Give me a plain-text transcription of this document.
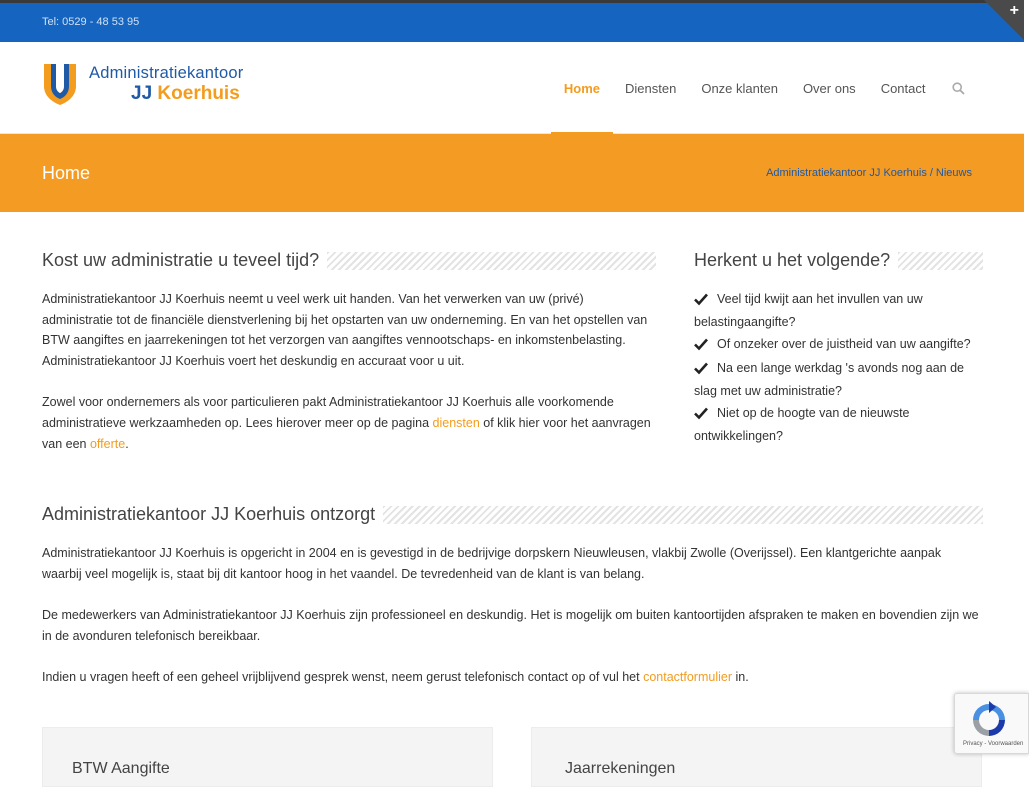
Tel: 0529 - 48 53 95
+
Administratiekantoor
JJ Koerhuis	Home	Diensten	Onze klanten	Over ons	Contact
Home	Administratiekantoor JJ Koerhuis / Nieuws
Kost uw administratie u teveel tijd?

Administratiekantoor JJ Koerhuis neemt u veel werk uit handen. Van het verwerken van uw (privé) administratie tot de financiële dienstverlening bij het opstarten van uw onderneming. En van het opstellen van BTW aangiftes en jaarrekeningen tot het verzorgen van aangiftes vennootschaps- en inkomstenbelasting. Administratiekantoor JJ Koerhuis voert het deskundig en accuraat voor u uit.

Zowel voor ondernemers als voor particulieren pakt Administratiekantoor JJ Koerhuis alle voorkomende administratieve werkzaamheden op. Lees hierover meer op de pagina diensten of klik hier voor het aanvragen van een offerte.

Herkent u het volgende?
Veel tijd kwijt aan het invullen van uw belastingaangifte?
Of onzeker over de juistheid van uw aangifte?
Na een lange werkdag 's avonds nog aan de slag met uw administratie?
Niet op de hoogte van de nieuwste ontwikkelingen?
Administratiekantoor JJ Koerhuis ontzorgt

Administratiekantoor JJ Koerhuis is opgericht in 2004 en is gevestigd in de bedrijvige dorpskern Nieuwleusen, vlakbij Zwolle (Overijssel). Een klantgerichte aanpak waarbij veel mogelijk is, staat bij dit kantoor hoog in het vaandel. De tevredenheid van de klant is van belang.

De medewerkers van Administratiekantoor JJ Koerhuis zijn professioneel en deskundig. Het is mogelijk om buiten kantoortijden afspraken te maken en bovendien zijn we in de avonduren telefonisch bereikbaar.

Indien u vragen heeft of een geheel vrijblijvend gesprek wenst, neem gerust telefonisch contact op of vul het contactformulier in.

BTW Aangifte	Jaarrekeningen
Privacy - Voorwaarden
